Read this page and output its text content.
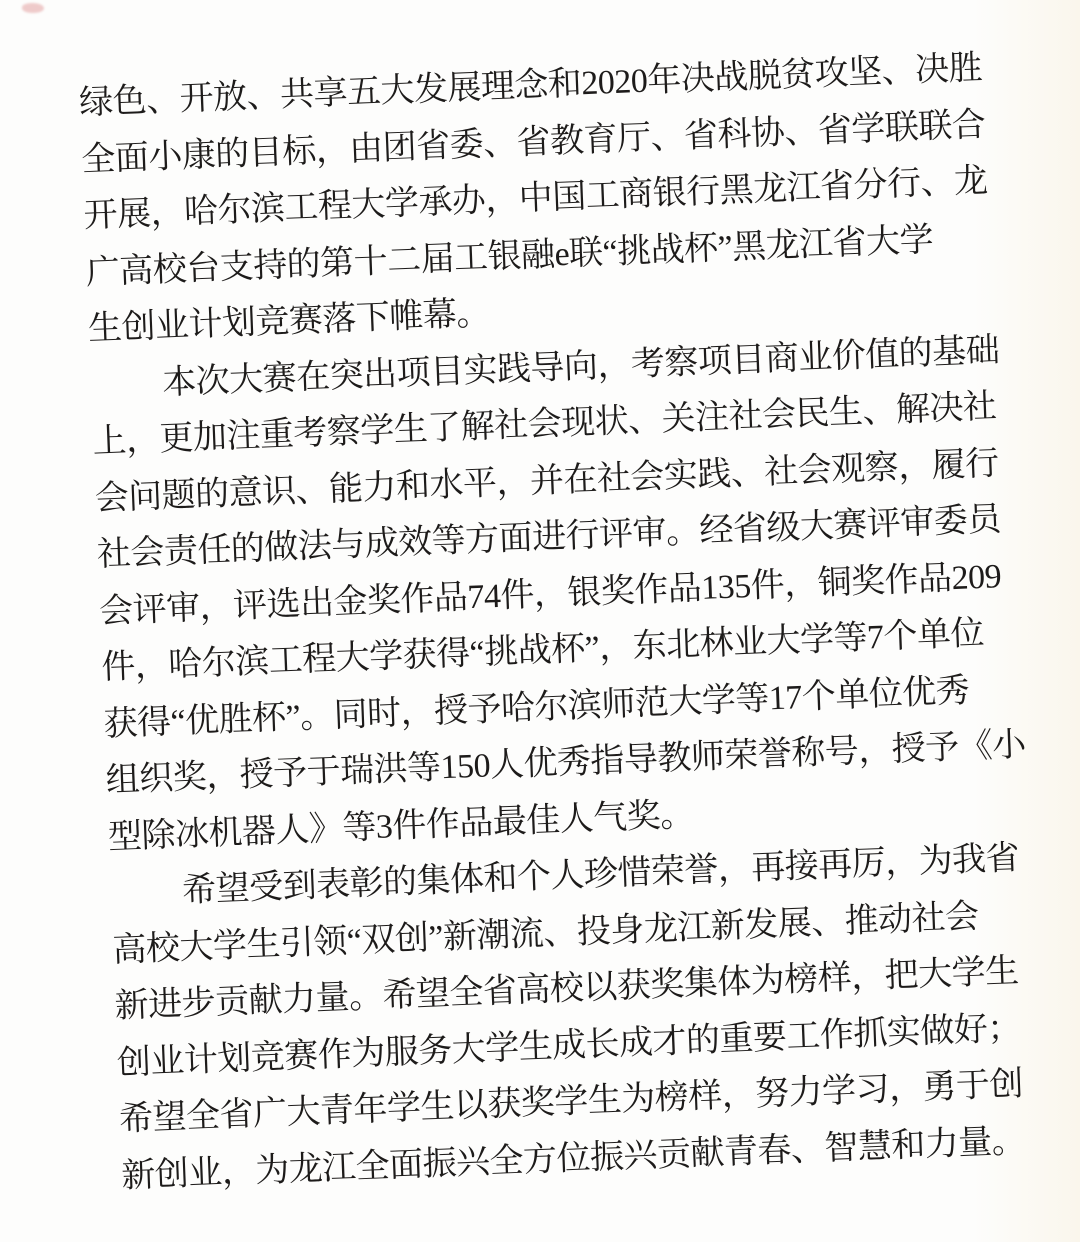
绿色、开放、共享五大发展理念和2020年决战脱贫攻坚、决胜
全面小康的目标，由团省委、省教育厅、省科协、省学联联合
开展，哈尔滨工程大学承办，中国工商银行黑龙江省分行、龙
广高校台支持的第十二届工银融e联“挑战杯”黑龙江省大学
生创业计划竞赛落下帷幕。
本次大赛在突出项目实践导向，考察项目商业价值的基础
上，更加注重考察学生了解社会现状、关注社会民生、解决社
会问题的意识、能力和水平，并在社会实践、社会观察，履行
社会责任的做法与成效等方面进行评审。经省级大赛评审委员
会评审，评选出金奖作品74件，银奖作品135件，铜奖作品209
件，哈尔滨工程大学获得“挑战杯”，东北林业大学等7个单位
获得“优胜杯”。同时，授予哈尔滨师范大学等17个单位优秀
组织奖，授予于瑞洪等150人优秀指导教师荣誉称号，授予《小
型除冰机器人》等3件作品最佳人气奖。
希望受到表彰的集体和个人珍惜荣誉，再接再厉，为我省
高校大学生引领“双创”新潮流、投身龙江新发展、推动社会
新进步贡献力量。希望全省高校以获奖集体为榜样，把大学生
创业计划竞赛作为服务大学生成长成才的重要工作抓实做好；
希望全省广大青年学生以获奖学生为榜样，努力学习，勇于创
新创业，为龙江全面振兴全方位振兴贡献青春、智慧和力量。
